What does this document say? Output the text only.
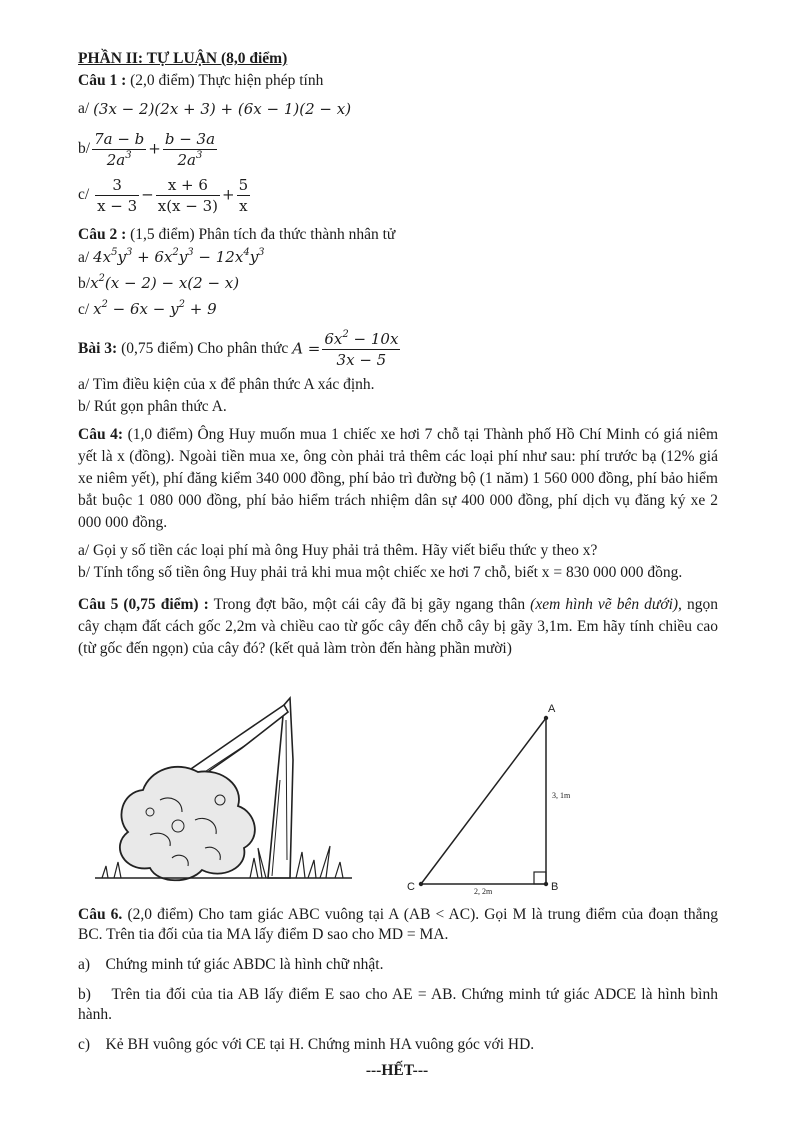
PHẦN II: TỰ LUẬN (8,0 điểm)
Câu 1 : (2,0 điểm) Thực hiện phép tính
a/
(3x − 2)(2x + 3) + (6x − 1)(2 − x)
$b/ \frac{7a - b}{2a^3} + \frac{b - 3a}{2a^3}$
c/
$\frac{3}{x - 3} - \frac{x + 6}{x(x - 3)} + \frac{5}{x}$
Câu 2 : (1,5 điểm) Phân tích đa thức thành nhân tử
a/ $4x^5y^3 + 6x^2y^3 - 12x^4y^3$
$b/x^2(x - 2) - x(2 - x)$
c/ $x^2 - 6x - y^2 + 9$
Bài 3:
(0,75 điểm) Cho phân thức
$A = \frac{6x^2 - 10x}{3x - 5}$
a/ Tìm điều kiện của x để phân thức A xác định.
b/ Rút gọn phân thức A.
Câu 4: (1,0 điểm) Ông Huy muốn mua 1 chiếc xe hơi 7 chỗ tại Thành phố Hồ Chí Minh có giá niêm yết là x (đồng). Ngoài tiền mua xe, ông còn phải trả thêm các loại phí như sau: phí trước bạ (12% giá xe niêm yết), phí đăng kiểm 340 000 đồng, phí bảo trì đường bộ (1 năm) 1 560 000 đồng, phí bảo hiểm bắt buộc 1 080 000 đồng, phí bảo hiểm trách nhiệm dân sự 400 000 đồng, phí dịch vụ đăng ký xe 2 000 000 đồng.
a/ Gọi y số tiền các loại phí mà ông Huy phải trả thêm. Hãy viết biểu thức y theo x?
b/ Tính tổng số tiền ông Huy phải trả khi mua một chiếc xe hơi 7 chỗ, biết x = 830 000 000 đồng.
Câu 5 (0,75 điểm) : Trong đợt bão, một cái cây đã bị gãy ngang thân (xem hình vẽ bên dưới), ngọn cây chạm đất cách gốc 2,2m và chiều cao từ gốc cây đến chỗ cây bị gãy 3,1m. Em hãy tính chiều cao (từ gốc đến ngọn) của cây đó? (kết quả làm tròn đến hàng phần mười)
A
B
C
3, 1m
2, 2m
Câu 6. (2,0 điểm) Cho tam giác ABC vuông tại A (AB < AC). Gọi M là trung điểm của đoạn thẳng BC. Trên tia đối của tia MA lấy điểm D sao cho MD = MA.
a) Chứng minh tứ giác ABDC là hình chữ nhật.
b) Trên tia đối của tia AB lấy điểm E sao cho AE = AB. Chứng minh tứ giác ADCE là hình bình hành.
c) Kẻ BH vuông góc với CE tại H. Chứng minh HA vuông góc với HD.
---HẾT---
